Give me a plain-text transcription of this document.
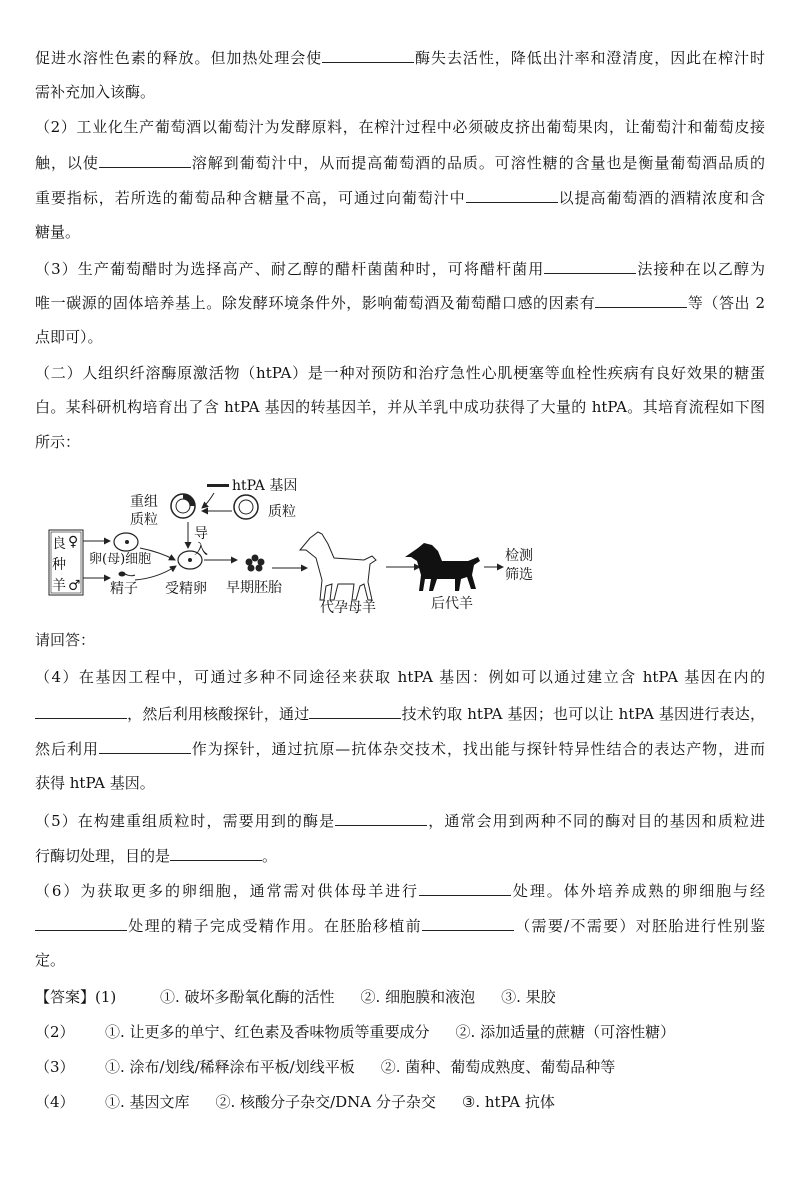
促进水溶性色素的释放。但加热处理会使	酶失去活性，降低出汁率和澄清度，因此在榨汁时
需补充加入该酶。
（2）工业化生产葡萄酒以葡萄汁为发酵原料，在榨汁过程中必须破皮挤出葡萄果肉，让葡萄汁和葡萄皮接
触，以使	溶解到葡萄汁中，从而提高葡萄酒的品质。可溶性糖的含量也是衡量葡萄酒品质的
重要指标，若所选的葡萄品种含糖量不高，可通过向葡萄汁中	以提高葡萄酒的酒精浓度和含
糖量。
（3）生产葡萄醋时为选择高产、耐乙醇的醋杆菌菌种时，可将醋杆菌用	法接种在以乙醇为
唯一碳源的固体培养基上。除发酵环境条件外，影响葡萄酒及葡萄醋口感的因素有	等（答出 2
点即可）。
（二）人组织纤溶酶原激活物（htPA）是一种对预防和治疗急性心肌梗塞等血栓性疾病有良好效果的糖蛋
白。某科研机构培育出了含 htPA 基因的转基因羊，并从羊乳中成功获得了大量的 htPA。其培育流程如下图
所示：
请回答：
（4）在基因工程中，可通过多种不同途径来获取 htPA 基因：例如可以通过建立含 htPA 基因在内的
，然后利用核酸探针，通过	技术钓取 htPA 基因；也可以让 htPA 基因进行表达，
然后利用	作为探针，通过抗原—抗体杂交技术，找出能与探针特异性结合的表达产物，进而
获得 htPA 基因。
（5）在构建重组质粒时，需要用到的酶是	，通常会用到两种不同的酶对目的基因和质粒进
行酶切处理，目的是	。
（6）为获取更多的卵细胞，通常需对供体母羊进行	处理。体外培养成熟的卵细胞与经
处理的精子完成受精作用。在胚胎移植前	（需要/不需要）对胚胎进行性别鉴
定。
【答案】(1)	①. 破坏多酚氧化酶的活性 ②. 细胞膜和液泡 ③. 果胶
（2） ①. 让更多的单宁、红色素及香味物质等重要成分 ②. 添加适量的蔗糖（可溶性糖）
（3） ①. 涂布/划线/稀释涂布平板/划线平板 ②. 菌种、葡萄成熟度、葡萄品种等
（4） ①. 基因文库 ②. 核酸分子杂交/DNA 分子杂交 ③. htPA 抗体
良
种
羊
♀
♂
卵(母)细胞
精子
重组
质粒
htPA 基因
质粒
导
入
受精卵 早期胚胎
代孕母羊	后代羊
检测
筛选
